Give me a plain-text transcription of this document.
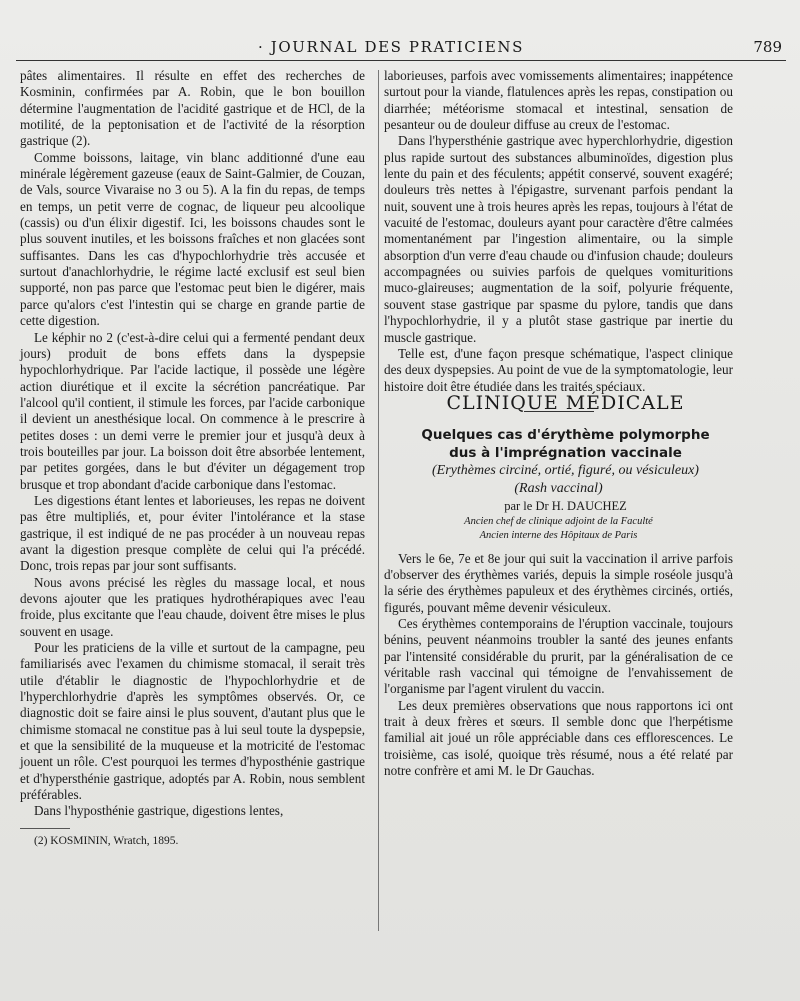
· JOURNAL DES PRATICIENS	789

pâtes alimentaires. Il résulte en effet des recherches de Kosminin, confirmées par A. Robin, que le bon bouillon détermine l'augmentation de l'acidité gastrique et de HCl, de la motilité, de la peptonisation et de l'activité de la résorption gastrique (2).

Comme boissons, laitage, vin blanc additionné d'une eau minérale légèrement gazeuse (eaux de Saint-Galmier, de Couzan, de Vals, source Vivaraise no 3 ou 5). A la fin du repas, de temps en temps, un petit verre de cognac, de liqueur peu alcoolique (cassis) ou d'un élixir digestif. Ici, les boissons chaudes sont le plus souvent inutiles, et les boissons fraîches et non glacées sont suffisantes. Dans les cas d'hypochlorhydrie très accusée et surtout d'anachlorhydrie, le régime lacté exclusif est seul bien supporté, non pas parce que l'estomac peut bien le digérer, mais parce qu'alors c'est l'intestin qui se charge en grande partie de cette digestion.

Le képhir no 2 (c'est-à-dire celui qui a fermenté pendant deux jours) produit de bons effets dans la dyspepsie hypochlorhydrique. Par l'acide lactique, il possède une légère action diurétique et il excite la sécrétion pancréatique. Par l'alcool qu'il contient, il stimule les forces, par l'acide carbonique il devient un anesthésique local. On commence à le prescrire à petites doses : un demi verre le premier jour et jusqu'à deux à trois bouteilles par jour. La boisson doit être absorbée lentement, par petites gorgées, dans le but d'éviter un dégagement trop brusque et trop abondant d'acide carbonique dans l'estomac.

Les digestions étant lentes et laborieuses, les repas ne doivent pas être multipliés, et, pour éviter l'intolérance et la stase gastrique, il est indiqué de ne pas procéder à un nouveau repas avant la digestion presque complète de celui qui l'a précédé. Donc, trois repas par jour sont suffisants.

Nous avons précisé les règles du massage local, et nous devons ajouter que les pratiques hydrothérapiques avec l'eau froide, plus excitante que l'eau chaude, doivent être mises le plus souvent en usage.

Pour les praticiens de la ville et surtout de la campagne, peu familiarisés avec l'examen du chimisme stomacal, il serait très utile d'établir le diagnostic de l'hypochlorhydrie et de l'hyperchlorhydrie d'après les symptômes observés. Or, ce diagnostic doit se faire ainsi le plus souvent, d'autant plus que le chimisme stomacal ne constitue pas à lui seul toute la dyspepsie, et que la sensibilité de la muqueuse et la motricité de l'estomac jouent un rôle. C'est pourquoi les termes d'hyposthénie gastrique et d'hypersthénie gastrique, adoptés par A. Robin, nous semblent préférables.

Dans l'hyposthénie gastrique, digestions lentes,

(2) KOSMININ, Wratch, 1895.

laborieuses, parfois avec vomissements alimentaires; inappétence surtout pour la viande, flatulences après les repas, constipation ou diarrhée; météorisme stomacal et intestinal, sensation de pesanteur ou de douleur diffuse au creux de l'estomac.

Dans l'hypersthénie gastrique avec hyperchlorhydrie, digestion plus rapide surtout des substances albuminoïdes, digestion plus lente du pain et des féculents; appétit conservé, souvent exagéré; douleurs très nettes à l'épigastre, survenant parfois pendant la nuit, souvent une à trois heures après les repas, toujours à l'état de vacuité de l'estomac, douleurs ayant pour caractère d'être calmées momentanément par l'ingestion alimentaire, ou la simple absorption d'un verre d'eau chaude ou d'infusion chaude; douleurs accompagnées ou suivies parfois de quelques vomituritions muco-glaireuses; augmentation de la soif, polyurie fréquente, souvent stase gastrique par spasme du pylore, tandis que dans l'hypochlorhydrie, il y a plutôt stase gastrique par inertie du muscle gastrique.

Telle est, d'une façon presque schématique, l'aspect clinique des deux dyspepsies. Au point de vue de la symptomatologie, leur histoire doit être étudiée dans les traités spéciaux.

CLINIQUE MÉDICALE

Quelques cas d'érythème polymorphe

dus à l'imprégnation vaccinale

(Erythèmes circiné, ortié, figuré, ou vésiculeux)
(Rash vaccinal)

par le Dr H. DAUCHEZ

Ancien chef de clinique adjoint de la Faculté
Ancien interne des Hôpitaux de Paris

Vers le 6e, 7e et 8e jour qui suit la vaccination il arrive parfois d'observer des érythèmes variés, depuis la simple roséole jusqu'à la série des érythèmes papuleux et des érythèmes circinés, ortiés, figurés, pouvant même devenir vésiculeux.

Ces érythèmes contemporains de l'éruption vaccinale, toujours bénins, peuvent néanmoins troubler la santé des jeunes enfants par l'intensité considérable du prurit, par la généralisation de ce véritable rash vaccinal qui témoigne de l'envahissement de l'organisme par l'agent virulent du vaccin.

Les deux premières observations que nous rapportons ici ont trait à deux frères et sœurs. Il semble donc que l'herpétisme familial ait joué un rôle appréciable dans ces efflorescences. Le troisième, cas isolé, quoique très résumé, nous a été relaté par notre confrère et ami M. le Dr Gauchas.
